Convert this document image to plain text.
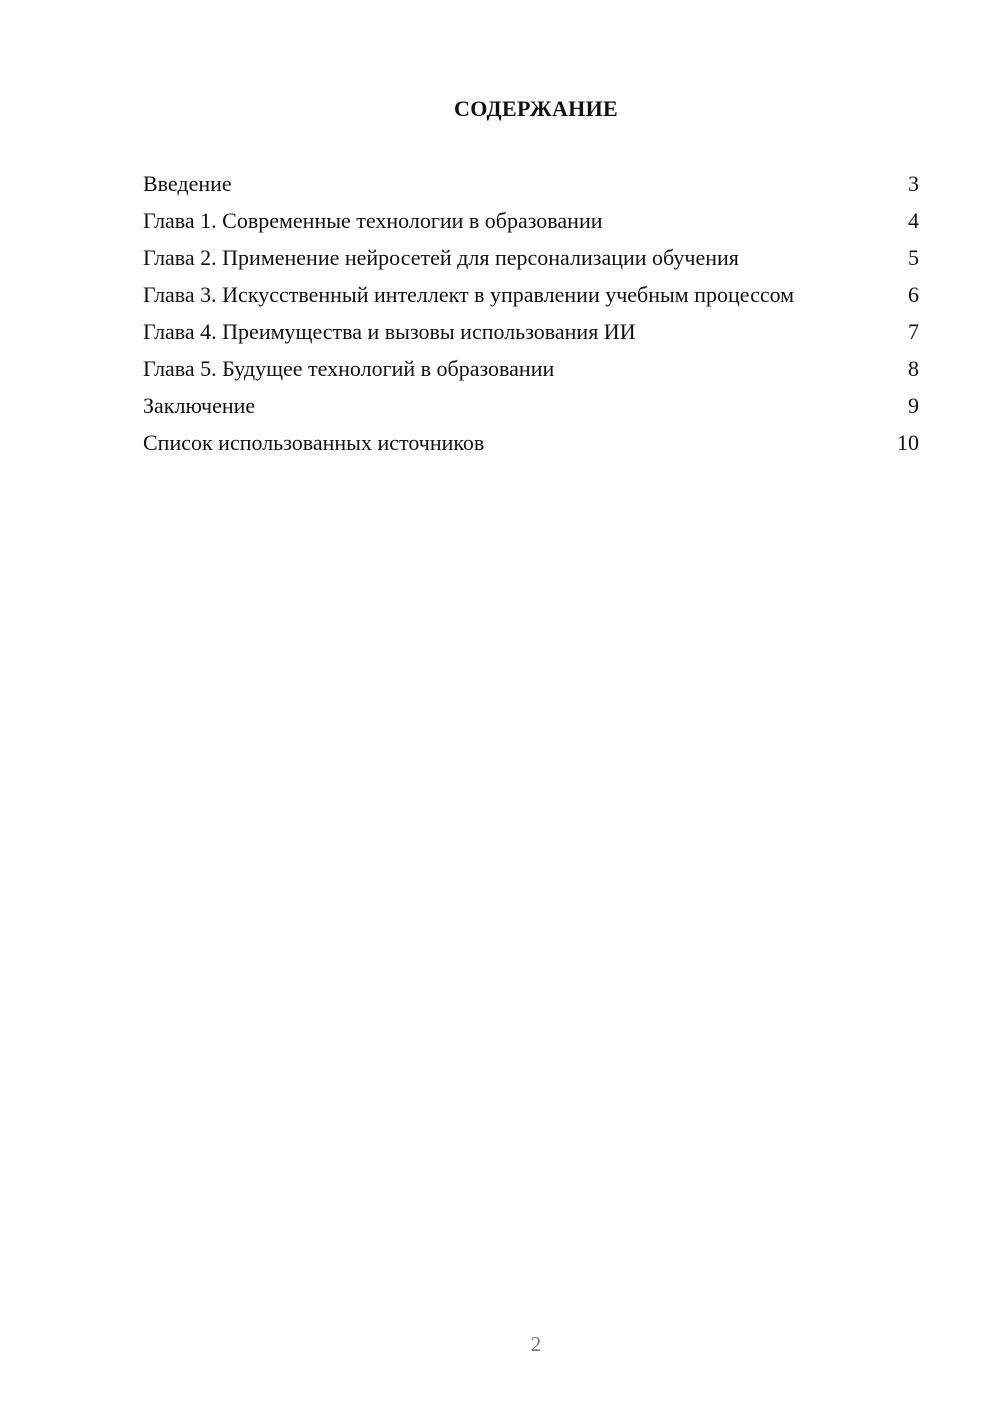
СОДЕРЖАНИЕ
Введение	3
Глава 1. Современные технологии в образовании	4
Глава 2. Применение нейросетей для персонализации обучения	5
Глава 3. Искусственный интеллект в управлении учебным процессом	6
Глава 4. Преимущества и вызовы использования ИИ	7
Глава 5. Будущее технологий в образовании	8
Заключение	9
Список использованных источников	10
2
